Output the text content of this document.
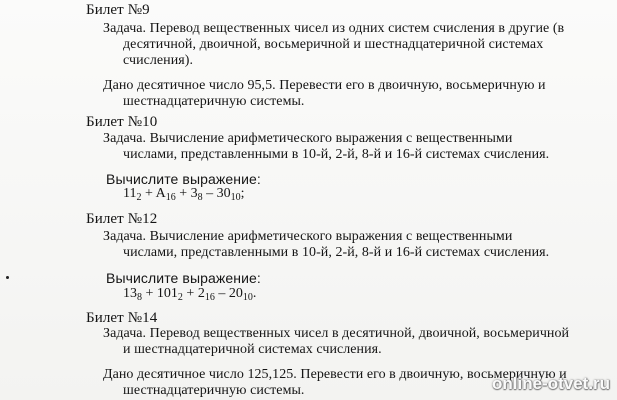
Билет №9
Задача. Перевод вещественных чисел из одних систем счисления в другие (в
десятичной, двоичной, восьмеричной и шестнадцатеричной системах
счисления).
Дано десятичное число 95,5. Перевести его в двоичную, восьмеричную и
шестнадцатеричную системы.
Билет №10
Задача. Вычисление арифметического выражения с вещественными
числами, представленными в 10-й, 2-й, 8-й и 16-й системах счисления.
Вычислите выражение:
$11_2 + A_{16} + 3_8 - 30_{10}$;
Билет №12
Задача. Вычисление арифметического выражения с вещественными
числами, представленными в 10-й, 2-й, 8-й и 16-й системах счисления.
Вычислите выражение:
$13_8 + 101_2 + 2_{16} - 20_{10}$.
Билет №14
Задача. Перевод вещественных чисел в десятичной, двоичной, восьмеричной
и шестнадцатеричной системах счисления.
Дано десятичное число 125,125. Перевести его в двоичную, восьмеричную и
шестнадцатеричную системы.	online-otvet.ru
